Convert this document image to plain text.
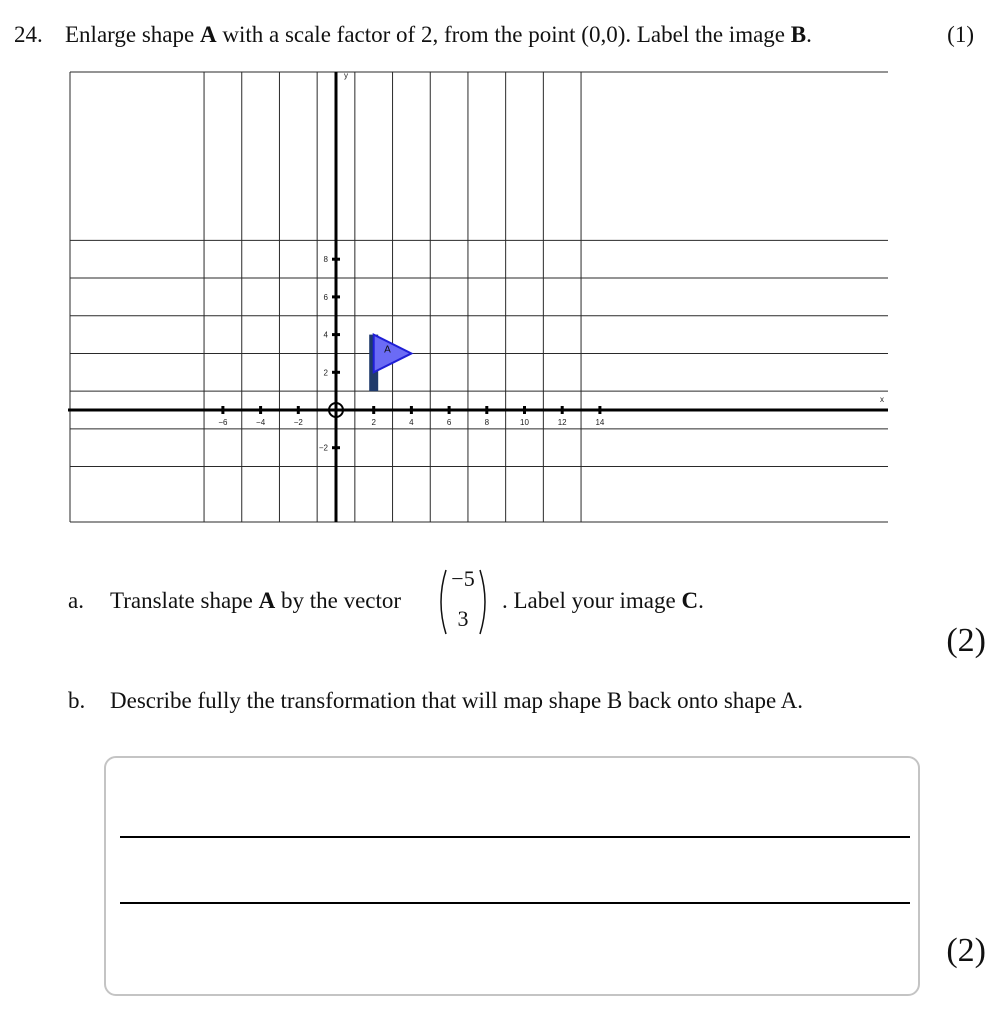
24. Enlarge shape A with a scale factor of 2, from the point (0,0). Label the image B.	(1)
−6	−4	−2	2	4	6	8	10	12	14
−2
2
4
6
8
x
y
A
a. Translate shape A by the vector
−5
3
. Label your image C.
(2)
b. Describe fully the transformation that will map shape B back onto shape A.
(2)
